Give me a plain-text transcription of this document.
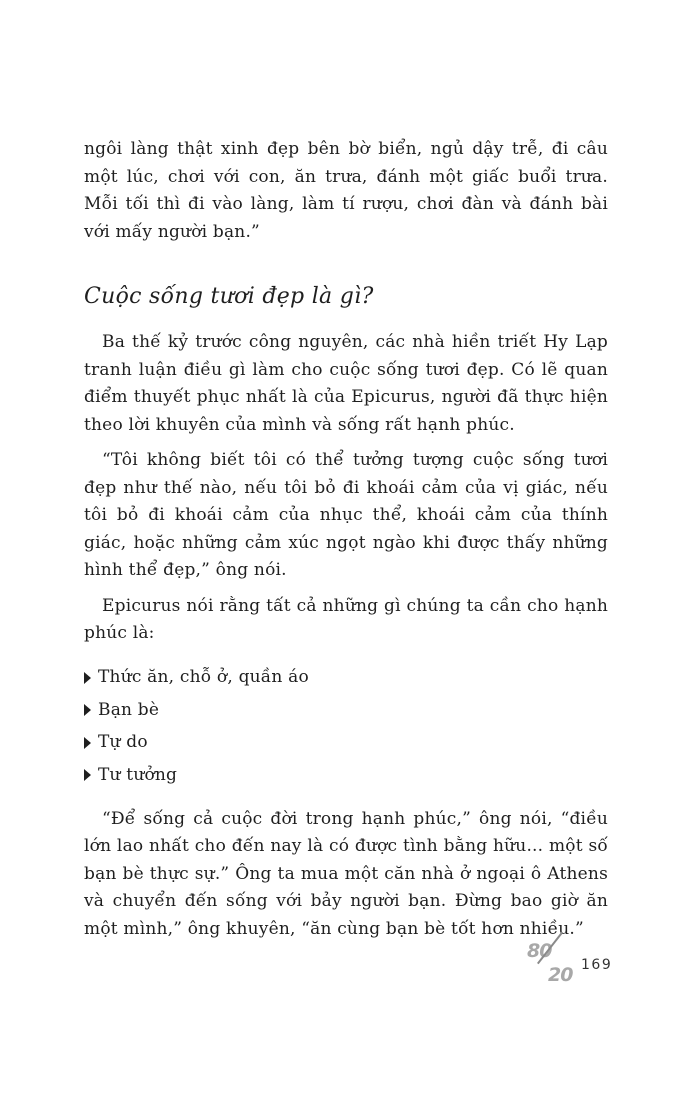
ngôi làng thật xinh đẹp bên bờ biển, ngủ dậy trễ, đi câu một lúc, chơi với con, ăn trưa, đánh một giấc buổi trưa. Mỗi tối thì đi vào làng, làm tí rượu, chơi đàn và đánh bài với mấy người bạn.”

Cuộc sống tươi đẹp là gì?

Ba thế kỷ trước công nguyên, các nhà hiền triết Hy Lạp tranh luận điều gì làm cho cuộc sống tươi đẹp. Có lẽ quan điểm thuyết phục nhất là của Epicurus, người đã thực hiện theo lời khuyên của mình và sống rất hạnh phúc.

“Tôi không biết tôi có thể tưởng tượng cuộc sống tươi đẹp như thế nào, nếu tôi bỏ đi khoái cảm của vị giác, nếu tôi bỏ đi khoái cảm của nhục thể, khoái cảm của thính giác, hoặc những cảm xúc ngọt ngào khi được thấy những hình thể đẹp,” ông nói.

Epicurus nói rằng tất cả những gì chúng ta cần cho hạnh phúc là:

Thức ăn, chỗ ở, quần áo
Bạn bè
Tự do
Tư tưởng

“Để sống cả cuộc đời trong hạnh phúc,” ông nói, “điều lớn lao nhất cho đến nay là có được tình bằng hữu... một số bạn bè thực sự.” Ông ta mua một căn nhà ở ngoại ô Athens và chuyển đến sống với bảy người bạn. Đừng bao giờ ăn một mình,” ông khuyên, “ăn cùng bạn bè tốt hơn nhiều.”

80
20 169
